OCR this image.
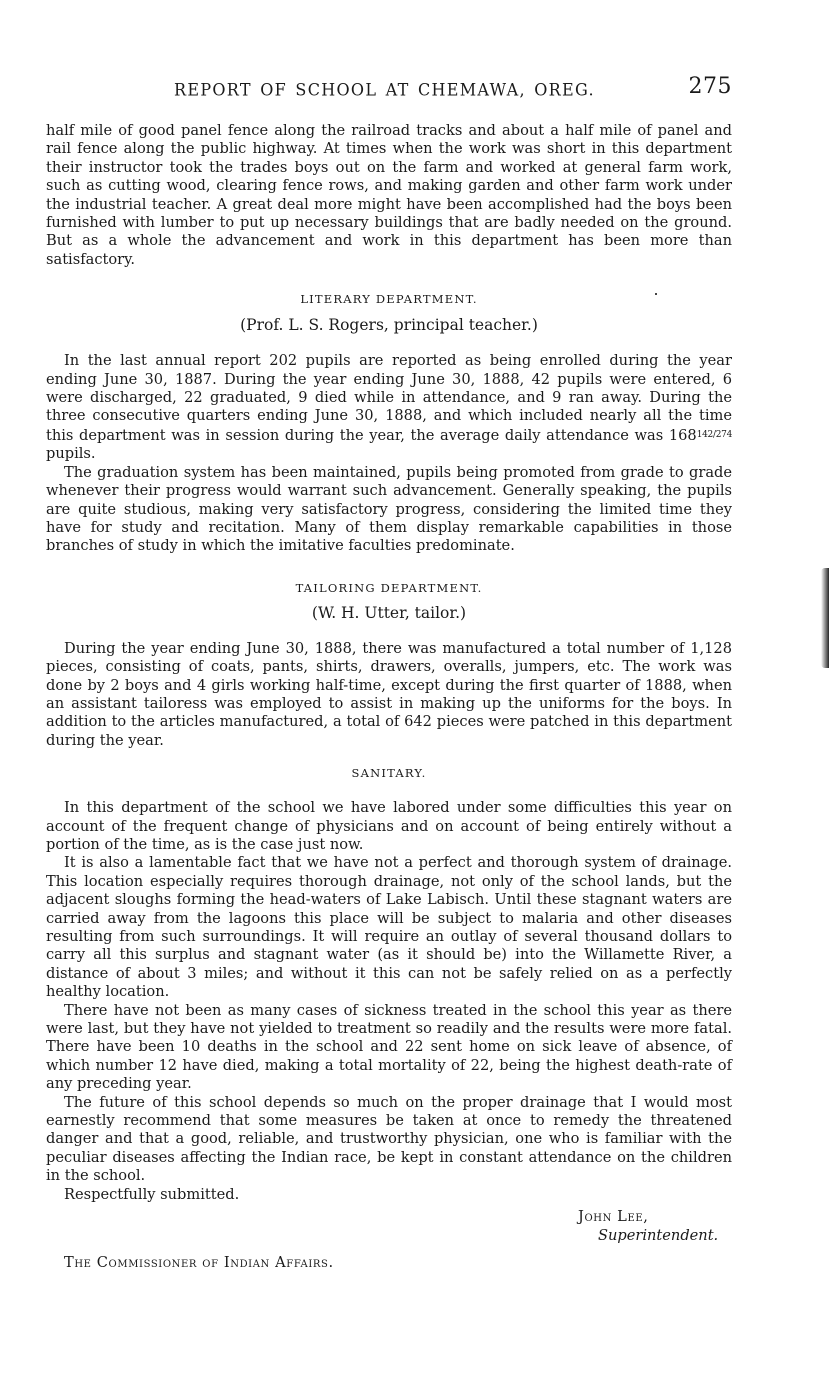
REPORT OF SCHOOL AT CHEMAWA, OREG.	275

half mile of good panel fence along the railroad tracks and about a half mile of panel and rail fence along the public highway. At times when the work was short in this department their instructor took the trades boys out on the farm and worked at general farm work, such as cutting wood, clearing fence rows, and making garden and other farm work under the industrial teacher. A great deal more might have been accomplished had the boys been furnished with lumber to put up necessary buildings that are badly needed on the ground. But as a whole the advancement and work in this department has been more than satisfactory.

LITERARY DEPARTMENT.

(Prof. L. S. Rogers, principal teacher.)

In the last annual report 202 pupils are reported as being enrolled during the year ending June 30, 1887. During the year ending June 30, 1888, 42 pupils were entered, 6 were discharged, 22 graduated, 9 died while in attendance, and 9 ran away. During the three consecutive quarters ending June 30, 1888, and which included nearly all the time this department was in session during the year, the average daily attendance was $168^{142/274}$ pupils.

The graduation system has been maintained, pupils being promoted from grade to grade whenever their progress would warrant such advancement. Generally speaking, the pupils are quite studious, making very satisfactory progress, considering the limited time they have for study and recitation. Many of them display remarkable capabilities in those branches of study in which the imitative faculties predominate.

TAILORING DEPARTMENT.

(W. H. Utter, tailor.)

During the year ending June 30, 1888, there was manufactured a total number of 1,128 pieces, consisting of coats, pants, shirts, drawers, overalls, jumpers, etc. The work was done by 2 boys and 4 girls working half-time, except during the first quarter of 1888, when an assistant tailoress was employed to assist in making up the uniforms for the boys. In addition to the articles manufactured, a total of 642 pieces were patched in this department during the year.

SANITARY.

In this department of the school we have labored under some difficulties this year on account of the frequent change of physicians and on account of being entirely without a portion of the time, as is the case just now.

It is also a lamentable fact that we have not a perfect and thorough system of drainage. This location especially requires thorough drainage, not only of the school lands, but the adjacent sloughs forming the head-waters of Lake Labisch. Until these stagnant waters are carried away from the lagoons this place will be subject to malaria and other diseases resulting from such surroundings. It will require an outlay of several thousand dollars to carry all this surplus and stagnant water (as it should be) into the Willamette River, a distance of about 3 miles; and without it this can not be safely relied on as a perfectly healthy location.

There have not been as many cases of sickness treated in the school this year as there were last, but they have not yielded to treatment so readily and the results were more fatal. There have been 10 deaths in the school and 22 sent home on sick leave of absence, of which number 12 have died, making a total mortality of 22, being the highest death-rate of any preceding year.

The future of this school depends so much on the proper drainage that I would most earnestly recommend that some measures be taken at once to remedy the threatened danger and that a good, reliable, and trustworthy physician, one who is familiar with the peculiar diseases affecting the Indian race, be kept in constant attendance on the children in the school.

Respectfully submitted.

John Lee,
Superintendent.

The Commissioner of Indian Affairs.
